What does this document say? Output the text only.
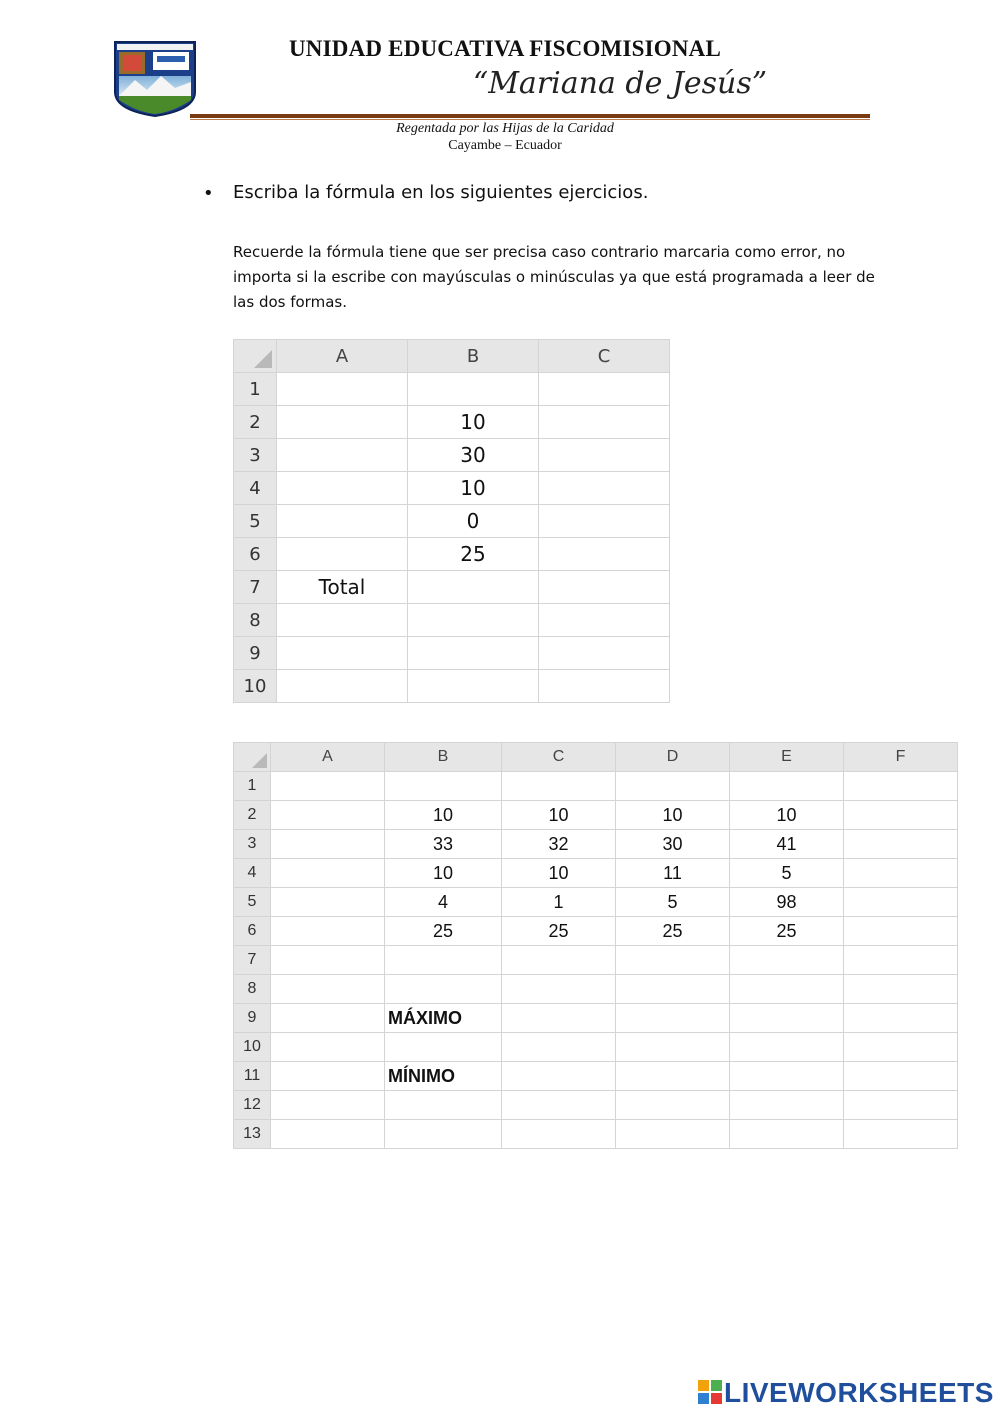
UNIDAD EDUCATIVA FISCOMISIONAL
“Mariana de Jesús”
Regentada por las Hijas de la Caridad
Cayambe – Ecuador
• Escriba la fórmula en los siguientes ejercicios.
Recuerde la fórmula tiene que ser precisa caso contrario marcaria como error, no importa si la escribe con mayúsculas o minúsculas ya que está programada a leer de las dos formas.
	A	B	C
1			
2		10	
3		30	
4		10	
5		0	
6		25	
7	Total		
8			
9			
10			
	A	B	C	D	E	F
1						
2		10	10	10	10	
3		33	32	30	41	
4		10	10	11	5	
5		4	1	5	98	
6		25	25	25	25	
7						
8						
9		MÁXIMO				
10						
11		MÍNIMO				
12						
13						
LIVEWORKSHEETS
